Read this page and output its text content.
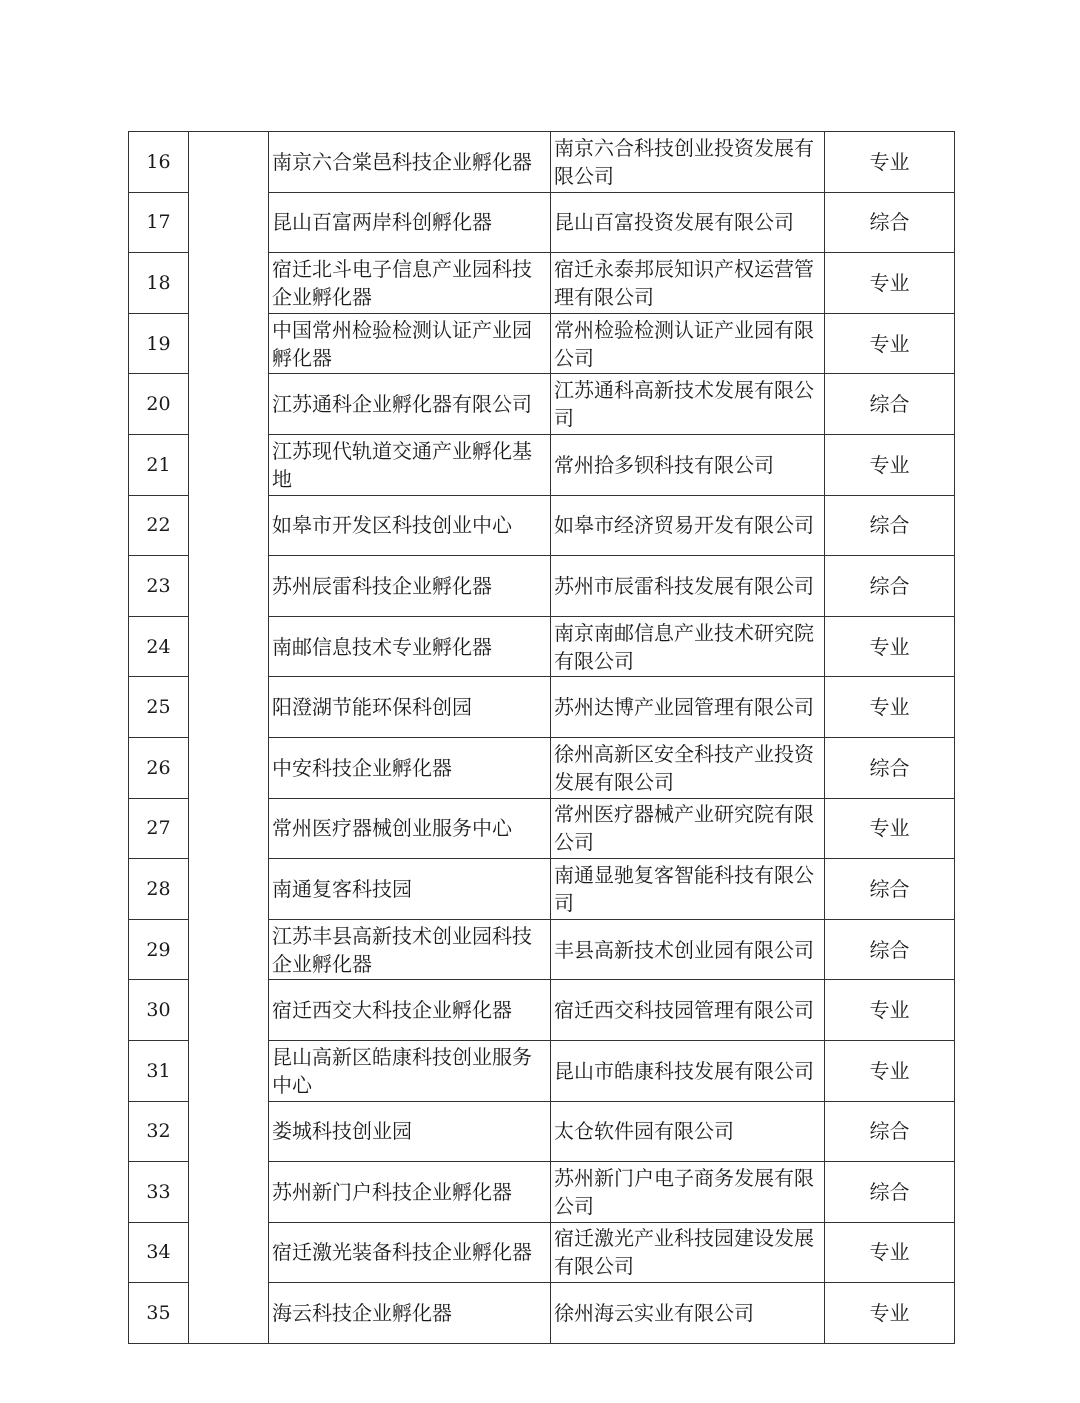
16		南京六合棠邑科技企业孵化器	南京六合科技创业投资发展有限公司	专业
17		昆山百富两岸科创孵化器	昆山百富投资发展有限公司	综合
18		宿迁北斗电子信息产业园科技企业孵化器	宿迁永泰邦辰知识产权运营管理有限公司	专业
19		中国常州检验检测认证产业园孵化器	常州检验检测认证产业园有限公司	专业
20		江苏通科企业孵化器有限公司	江苏通科高新技术发展有限公司	综合
21		江苏现代轨道交通产业孵化基地	常州拾多钡科技有限公司	专业
22		如皋市开发区科技创业中心	如皋市经济贸易开发有限公司	综合
23		苏州辰雷科技企业孵化器	苏州市辰雷科技发展有限公司	综合
24		南邮信息技术专业孵化器	南京南邮信息产业技术研究院有限公司	专业
25		阳澄湖节能环保科创园	苏州达博产业园管理有限公司	专业
26		中安科技企业孵化器	徐州高新区安全科技产业投资发展有限公司	综合
27		常州医疗器械创业服务中心	常州医疗器械产业研究院有限公司	专业
28		南通复客科技园	南通显驰复客智能科技有限公司	综合
29		江苏丰县高新技术创业园科技企业孵化器	丰县高新技术创业园有限公司	综合
30		宿迁西交大科技企业孵化器	宿迁西交科技园管理有限公司	专业
31		昆山高新区皓康科技创业服务中心	昆山市皓康科技发展有限公司	专业
32		娄城科技创业园	太仓软件园有限公司	综合
33		苏州新门户科技企业孵化器	苏州新门户电子商务发展有限公司	综合
34		宿迁激光装备科技企业孵化器	宿迁激光产业科技园建设发展有限公司	专业
35		海云科技企业孵化器	徐州海云实业有限公司	专业
